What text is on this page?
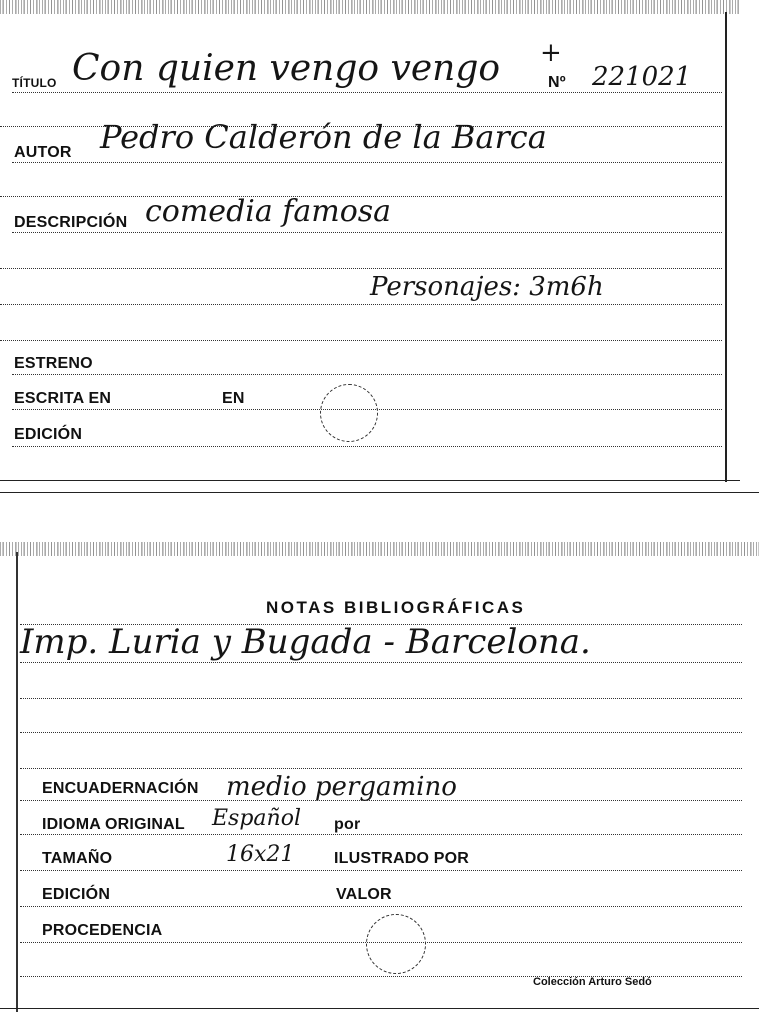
TÍTULO Con quien vengo vengo +
Nº 221021
AUTOR Pedro Calderón de la Barca
DESCRIPCIÓN comedia famosa
Personajes: 3m6h
ESTRENO
ESCRITA EN	EN
EDICIÓN
NOTAS BIBLIOGRÁFICAS
Imp. Luria y Bugada - Barcelona.
ENCUADERNACIÓN medio pergamino
IDIOMA ORIGINAL Español por
TAMAÑO	16x21 ILUSTRADO POR
EDICIÓN	VALOR
PROCEDENCIA
Colección Arturo Sedó
